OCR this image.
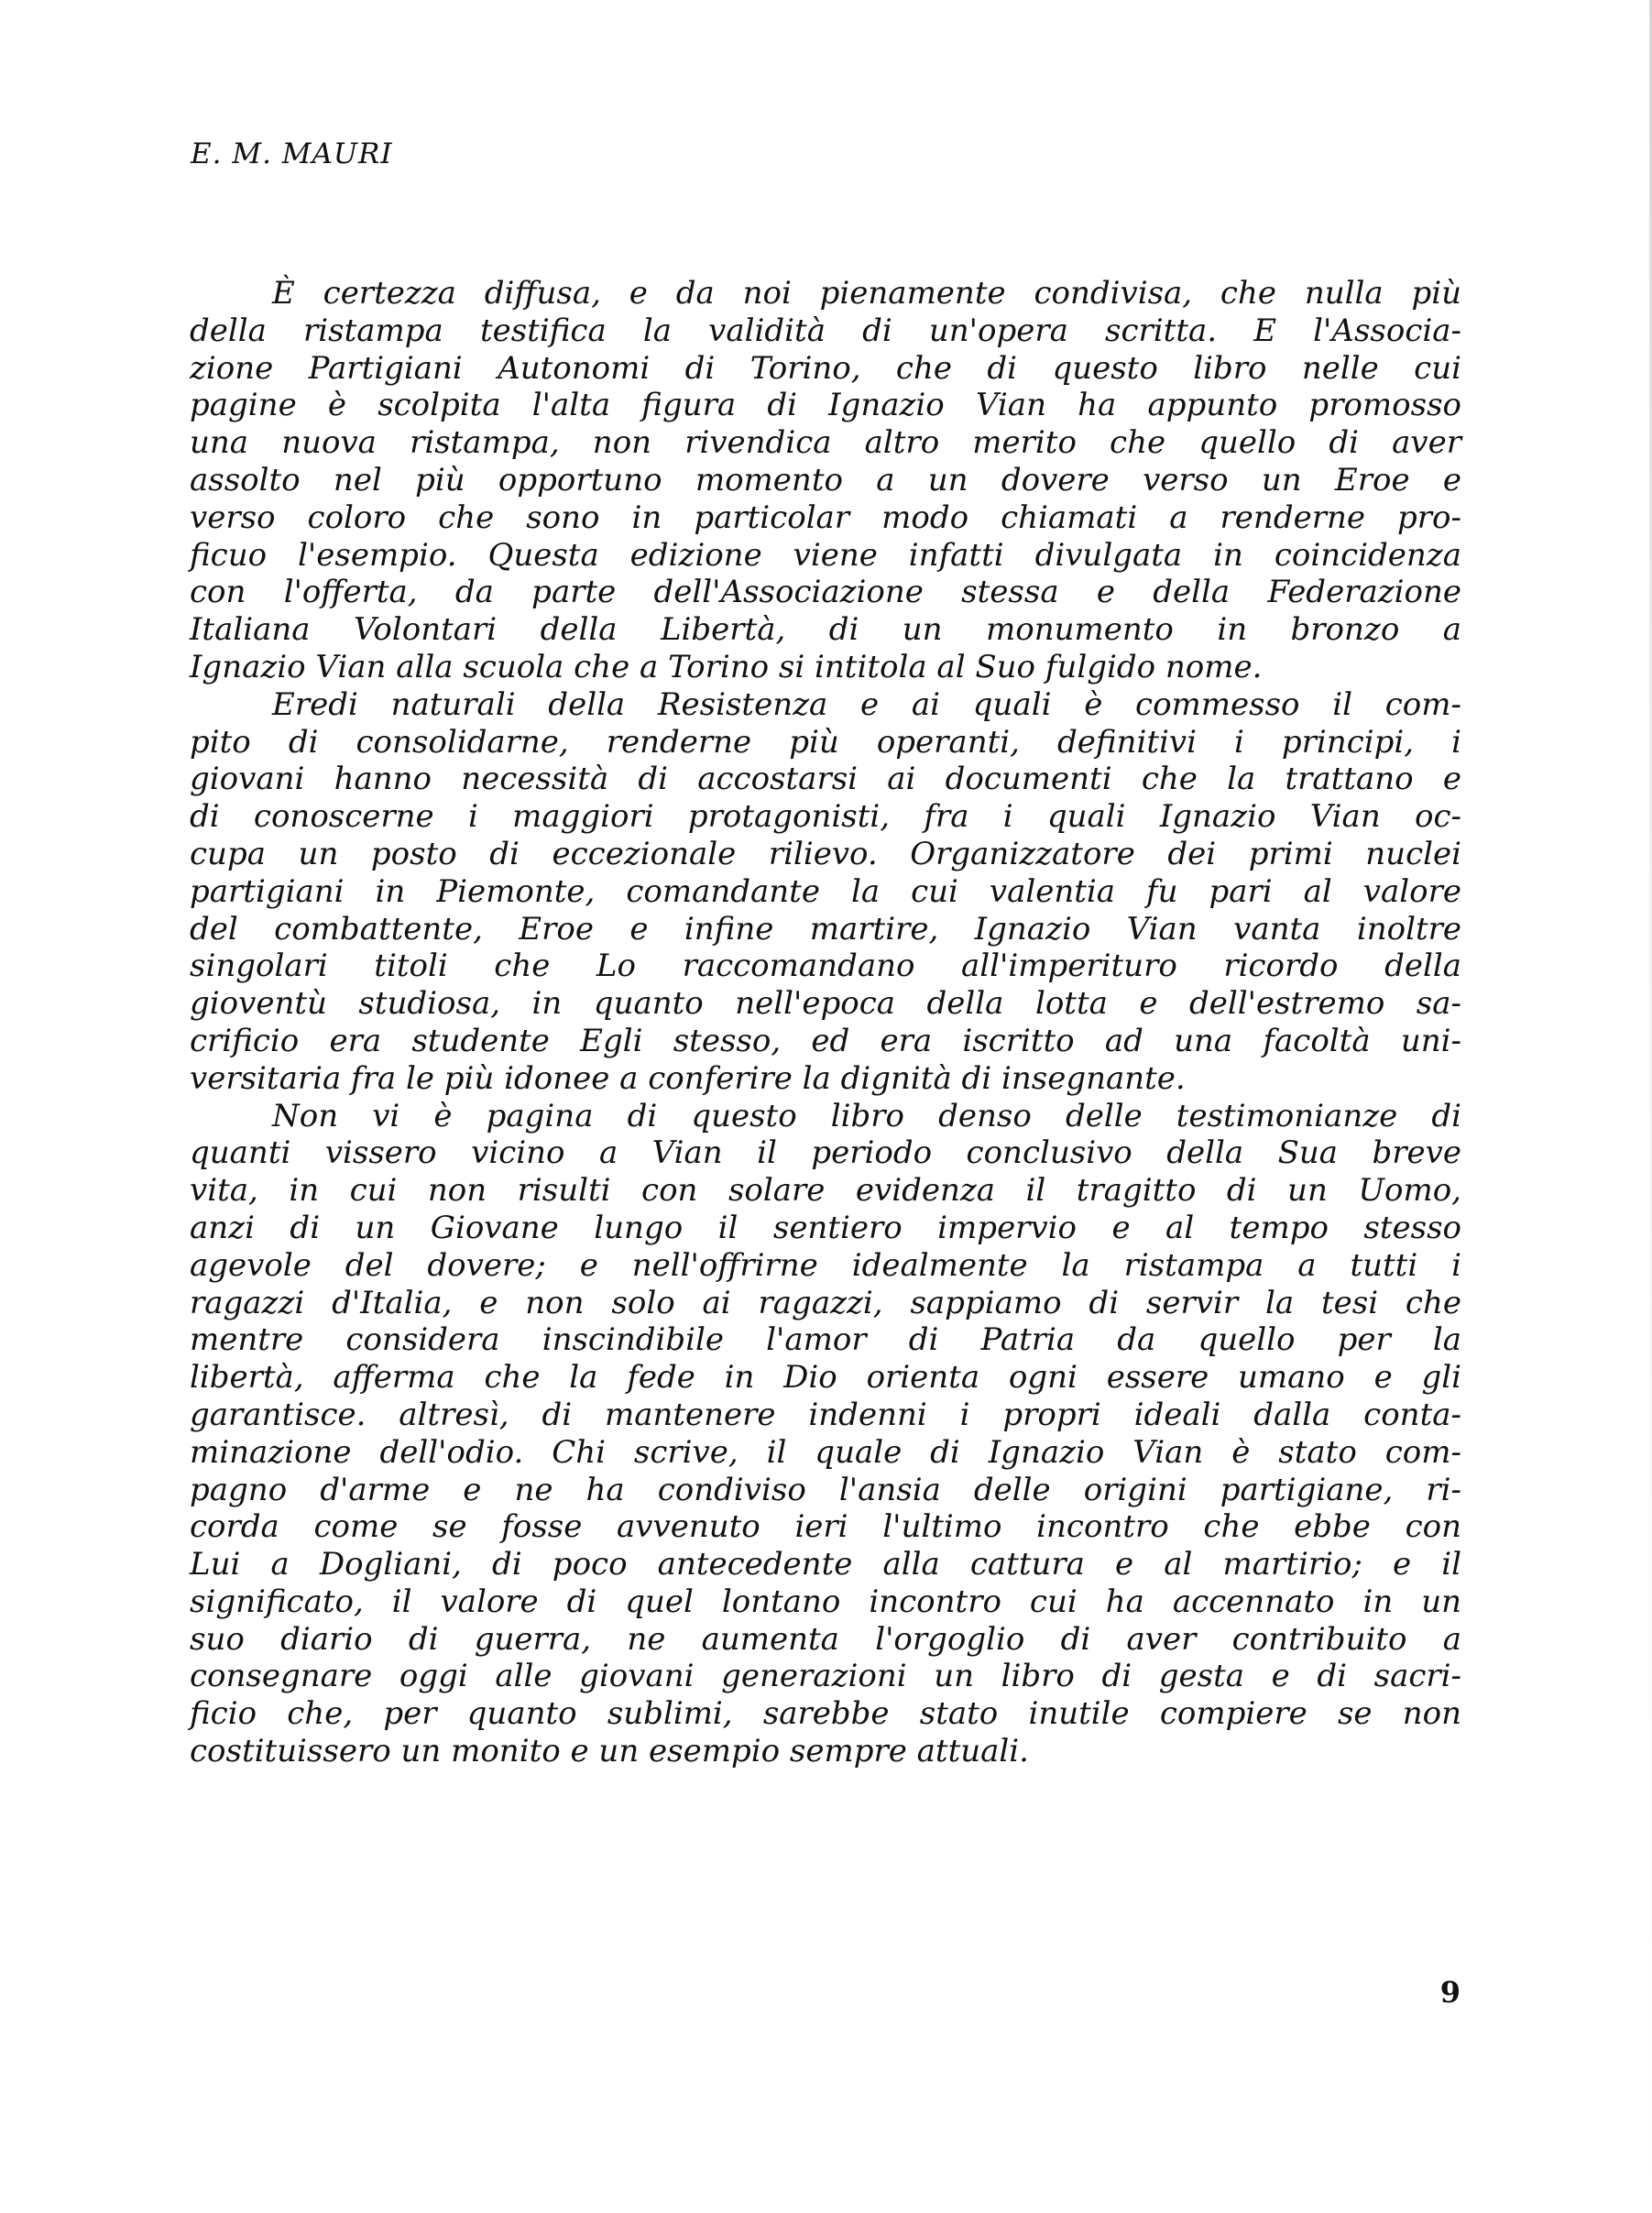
E. M. MAURI
È certezza diffusa, e da noi pienamente condivisa, che nulla più
della ristampa testifica la validità di un'opera scritta. E l'Associa-
zione Partigiani Autonomi di Torino, che di questo libro nelle cui
pagine è scolpita l'alta figura di Ignazio Vian ha appunto promosso
una nuova ristampa, non rivendica altro merito che quello di aver
assolto nel più opportuno momento a un dovere verso un Eroe e
verso coloro che sono in particolar modo chiamati a renderne pro-
ficuo l'esempio. Questa edizione viene infatti divulgata in coincidenza
con l'offerta, da parte dell'Associazione stessa e della Federazione
Italiana Volontari della Libertà, di un monumento in bronzo a
Ignazio Vian alla scuola che a Torino si intitola al Suo fulgido nome.
Eredi naturali della Resistenza e ai quali è commesso il com-
pito di consolidarne, renderne più operanti, definitivi i principi, i
giovani hanno necessità di accostarsi ai documenti che la trattano e
di conoscerne i maggiori protagonisti, fra i quali Ignazio Vian oc-
cupa un posto di eccezionale rilievo. Organizzatore dei primi nuclei
partigiani in Piemonte, comandante la cui valentia fu pari al valore
del combattente, Eroe e infine martire, Ignazio Vian vanta inoltre
singolari titoli che Lo raccomandano all'imperituro ricordo della
gioventù studiosa, in quanto nell'epoca della lotta e dell'estremo sa-
crificio era studente Egli stesso, ed era iscritto ad una facoltà uni-
versitaria fra le più idonee a conferire la dignità di insegnante.
Non vi è pagina di questo libro denso delle testimonianze di
quanti vissero vicino a Vian il periodo conclusivo della Sua breve
vita, in cui non risulti con solare evidenza il tragitto di un Uomo,
anzi di un Giovane lungo il sentiero impervio e al tempo stesso
agevole del dovere; e nell'offrirne idealmente la ristampa a tutti i
ragazzi d'Italia, e non solo ai ragazzi, sappiamo di servir la tesi che
mentre considera inscindibile l'amor di Patria da quello per la
libertà, afferma che la fede in Dio orienta ogni essere umano e gli
garantisce. altresì, di mantenere indenni i propri ideali dalla conta-
minazione dell'odio. Chi scrive, il quale di Ignazio Vian è stato com-
pagno d'arme e ne ha condiviso l'ansia delle origini partigiane, ri-
corda come se fosse avvenuto ieri l'ultimo incontro che ebbe con
Lui a Dogliani, di poco antecedente alla cattura e al martirio; e il
significato, il valore di quel lontano incontro cui ha accennato in un
suo diario di guerra, ne aumenta l'orgoglio di aver contribuito a
consegnare oggi alle giovani generazioni un libro di gesta e di sacri-
ficio che, per quanto sublimi, sarebbe stato inutile compiere se non
costituissero un monito e un esempio sempre attuali.
9
